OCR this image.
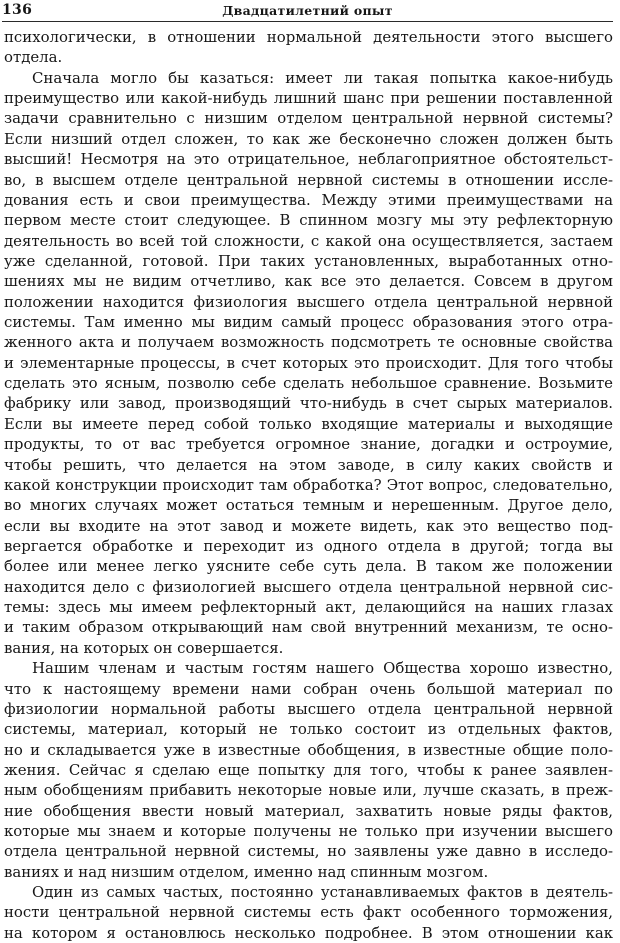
136	Двадцатилетний опыт
психологически, в отношении нормальной деятельности этого высшего
отдела.
Сначала могло бы казаться: имеет ли такая попытка какое-нибудь
преимущество или какой-нибудь лишний шанс при решении поставленной
задачи сравнительно с низшим отделом центральной нервной системы?
Если низший отдел сложен, то как же бесконечно сложен должен быть
высший! Несмотря на это отрицательное, неблагоприятное обстоятельст-
во, в высшем отделе центральной нервной системы в отношении иссле-
дования есть и свои преимущества. Между этими преимуществами на
первом месте стоит следующее. В спинном мозгу мы эту рефлекторную
деятельность во всей той сложности, с какой она осуществляется, застаем
уже сделанной, готовой. При таких установленных, выработанных отно-
шениях мы не видим отчетливо, как все это делается. Совсем в другом
положении находится физиология высшего отдела центральной нервной
системы. Там именно мы видим самый процесс образования этого отра-
женного акта и получаем возможность подсмотреть те основные свойства
и элементарные процессы, в счет которых это происходит. Для того чтобы
сделать это ясным, позволю себе сделать небольшое сравнение. Возьмите
фабрику или завод, производящий что-нибудь в счет сырых материалов.
Если вы имеете перед собой только входящие материалы и выходящие
продукты, то от вас требуется огромное знание, догадки и остроумие,
чтобы решить, что делается на этом заводе, в силу каких свойств и
какой конструкции происходит там обработка? Этот вопрос, следовательно,
во многих случаях может остаться темным и нерешенным. Другое дело,
если вы входите на этот завод и можете видеть, как это вещество под-
вергается обработке и переходит из одного отдела в другой; тогда вы
более или менее легко уясните себе суть дела. В таком же положении
находится дело с физиологией высшего отдела центральной нервной сис-
темы: здесь мы имеем рефлекторный акт, делающийся на наших глазах
и таким образом открывающий нам свой внутренний механизм, те осно-
вания, на которых он совершается.
Нашим членам и частым гостям нашего Общества хорошо известно,
что к настоящему времени нами собран очень большой материал по
физиологии нормальной работы высшего отдела центральной нервной
системы, материал, который не только состоит из отдельных фактов,
но и складывается уже в известные обобщения, в известные общие поло-
жения. Сейчас я сделаю еще попытку для того, чтобы к ранее заявлен-
ным обобщениям прибавить некоторые новые или, лучше сказать, в преж-
ние обобщения ввести новый материал, захватить новые ряды фактов,
которые мы знаем и которые получены не только при изучении высшего
отдела центральной нервной системы, но заявлены уже давно в исследо-
ваниях и над низшим отделом, именно над спинным мозгом.
Один из самых частых, постоянно устанавливаемых фактов в деятель-
ности центральной нервной системы есть факт особенного торможения,
на котором я остановлюсь несколько подробнее. В этом отношении как
